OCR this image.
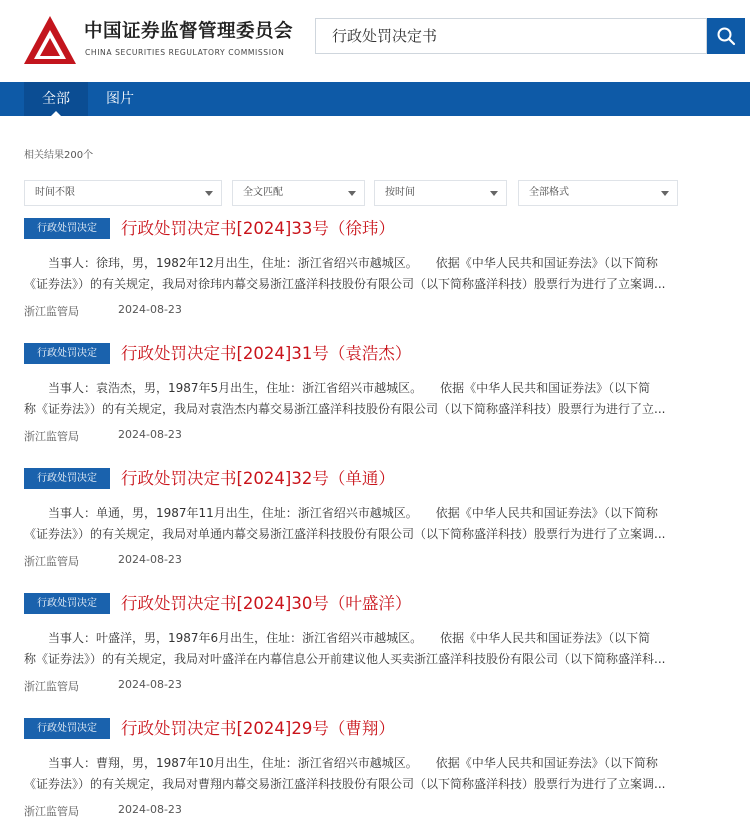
中国证券监督管理委员会
CHINA SECURITIES REGULATORY COMMISSION
行政处罚决定书
全部	图片
相关结果200个
时间不限	全文匹配	按时间	全部格式
行政处罚决定	行政处罚决定书[2024]33号（徐玮）
当事人：徐玮，男，1982年12月出生，住址：浙江省绍兴市越城区。　　依据《中华人民共和国证券法》（以下简称
《证券法》）的有关规定，我局对徐玮内幕交易浙江盛洋科技股份有限公司（以下简称盛洋科技）股票行为进行了立案调...
浙江监管局	2024-08-23
行政处罚决定	行政处罚决定书[2024]31号（袁浩杰）
当事人：袁浩杰，男，1987年5月出生，住址：浙江省绍兴市越城区。　　依据《中华人民共和国证券法》（以下简
称《证券法》）的有关规定，我局对袁浩杰内幕交易浙江盛洋科技股份有限公司（以下简称盛洋科技）股票行为进行了立...
浙江监管局	2024-08-23
行政处罚决定	行政处罚决定书[2024]32号（单通）
当事人：单通，男，1987年11月出生，住址：浙江省绍兴市越城区。　　依据《中华人民共和国证券法》（以下简称
《证券法》）的有关规定，我局对单通内幕交易浙江盛洋科技股份有限公司（以下简称盛洋科技）股票行为进行了立案调...
浙江监管局	2024-08-23
行政处罚决定	行政处罚决定书[2024]30号（叶盛洋）
当事人：叶盛洋，男，1987年6月出生，住址：浙江省绍兴市越城区。　　依据《中华人民共和国证券法》（以下简
称《证券法》）的有关规定，我局对叶盛洋在内幕信息公开前建议他人买卖浙江盛洋科技股份有限公司（以下简称盛洋科...
浙江监管局	2024-08-23
行政处罚决定	行政处罚决定书[2024]29号（曹翔）
当事人：曹翔，男，1987年10月出生，住址：浙江省绍兴市越城区。　　依据《中华人民共和国证券法》（以下简称
《证券法》）的有关规定，我局对曹翔内幕交易浙江盛洋科技股份有限公司（以下简称盛洋科技）股票行为进行了立案调...
浙江监管局	2024-08-23
